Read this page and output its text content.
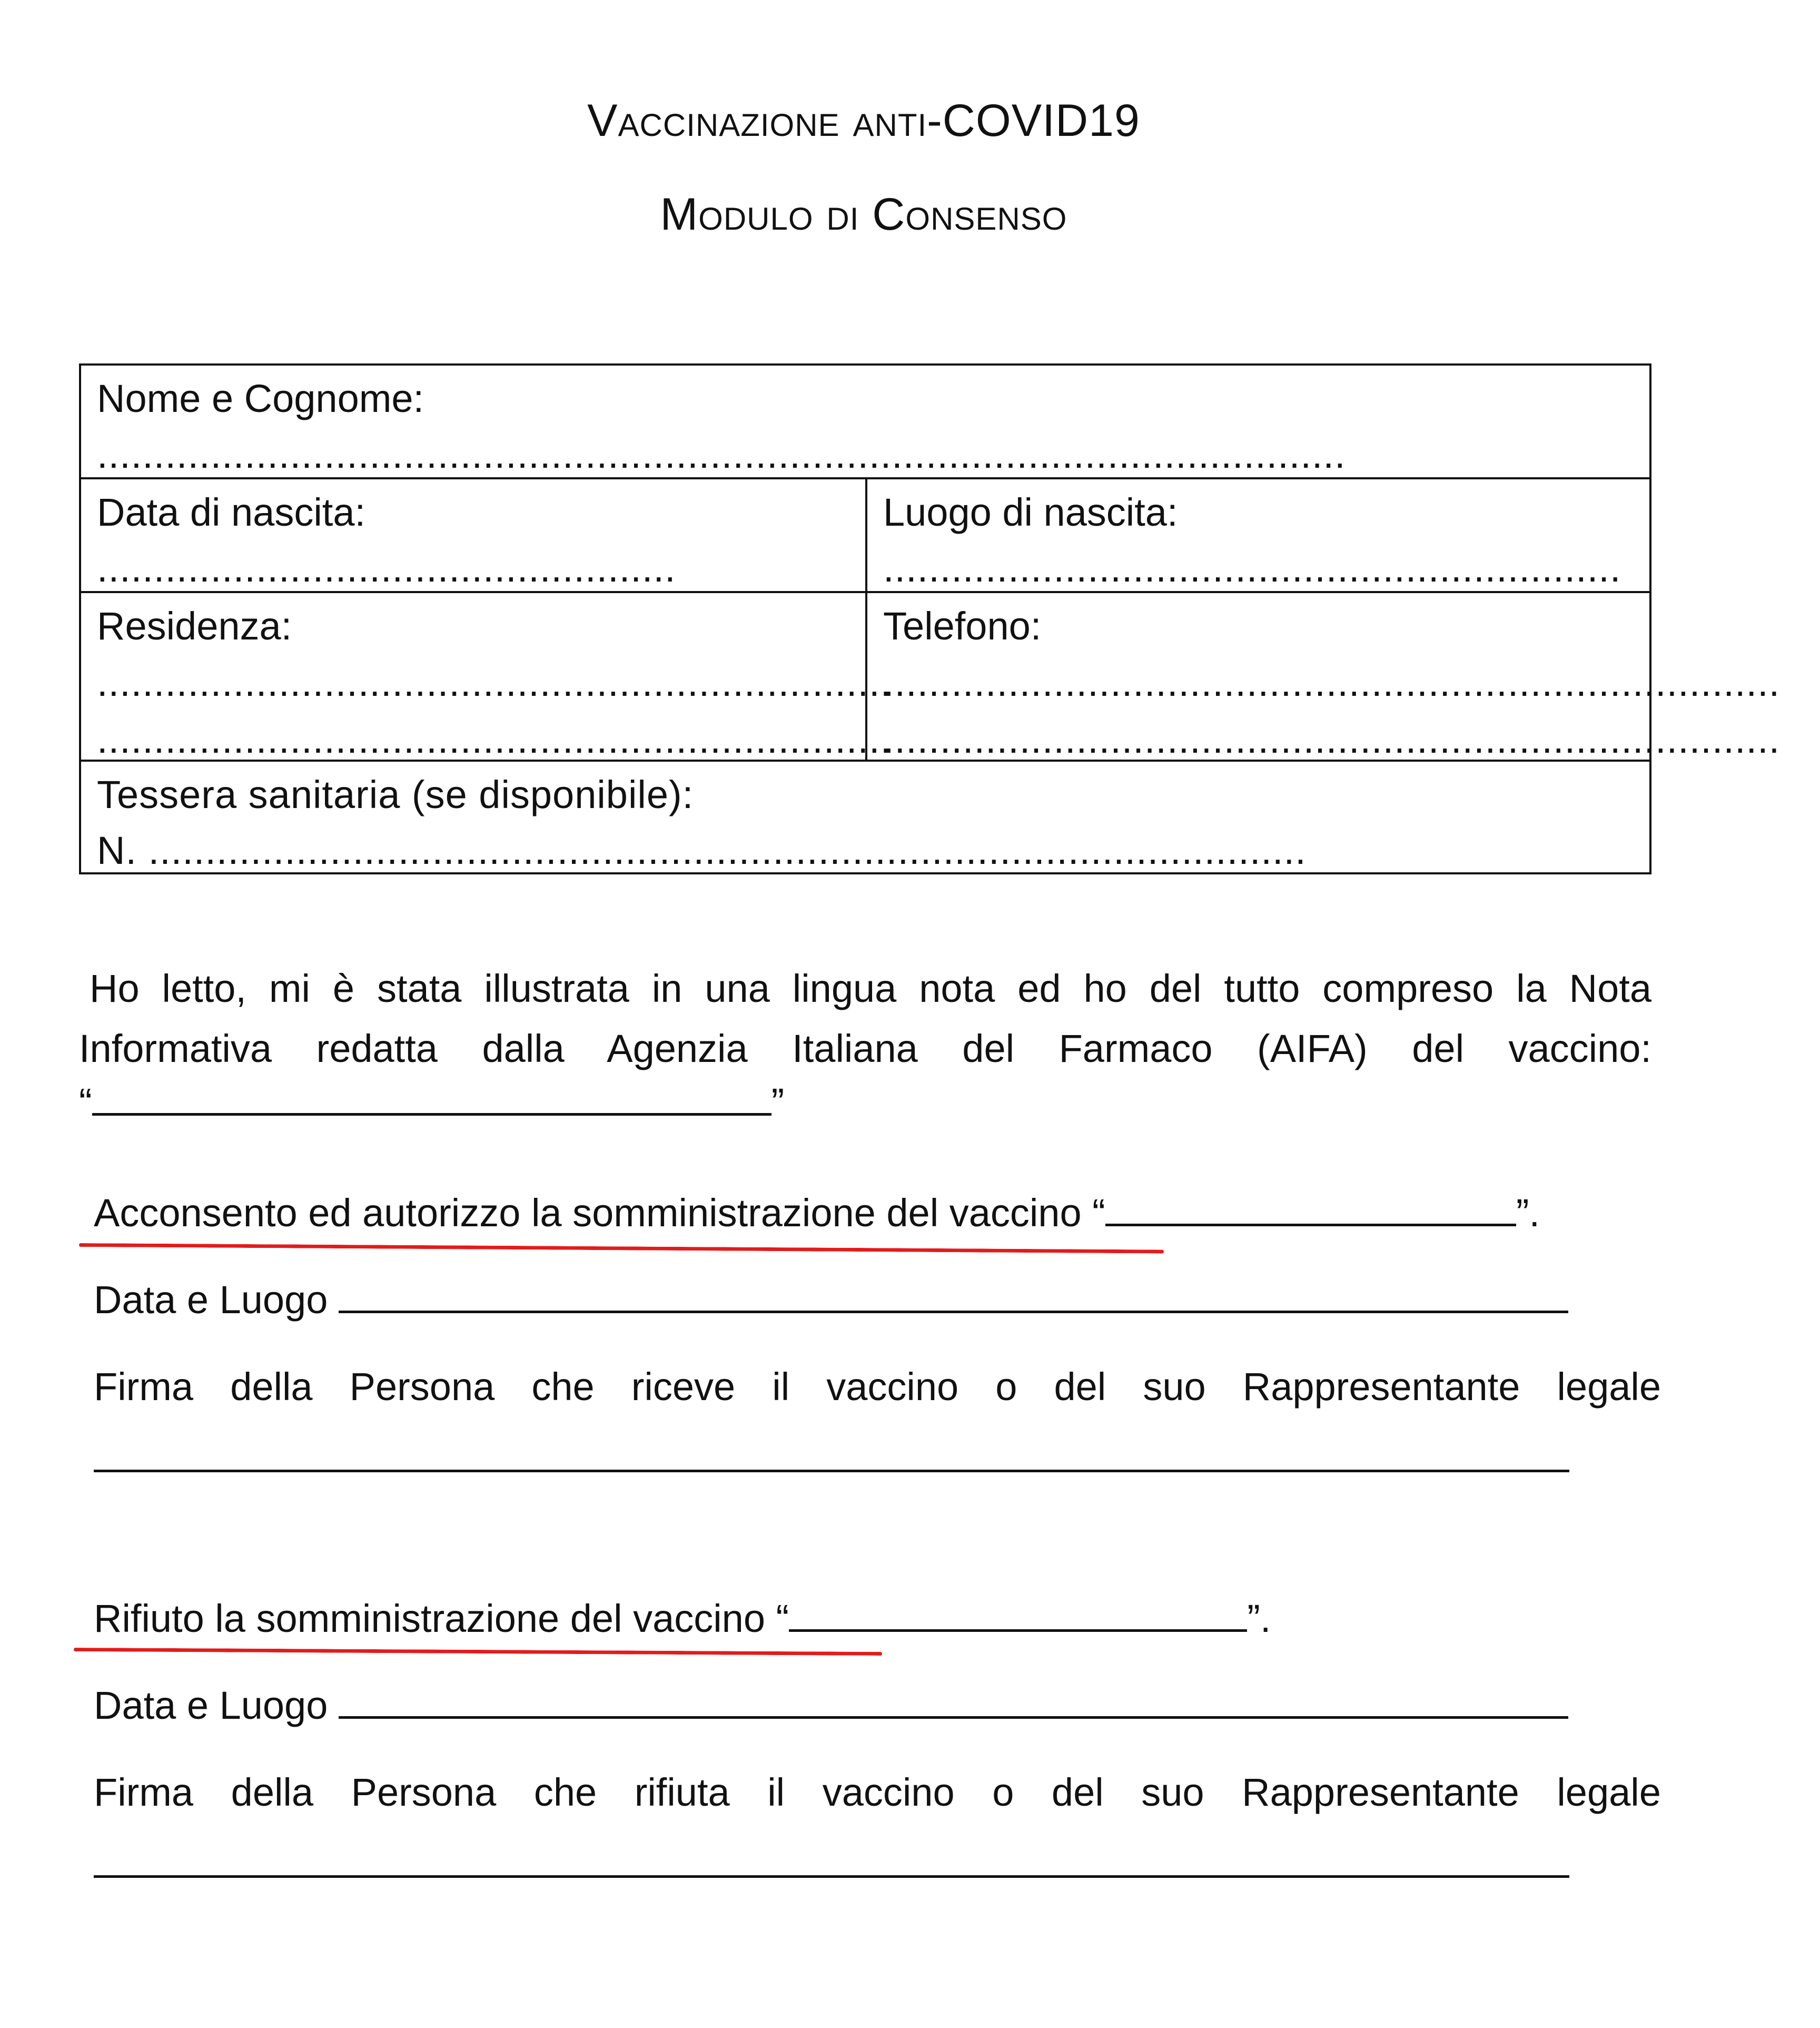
Vaccinazione anti-COVID19
Modulo di Consenso
Nome e Cognome:
..............................................................................................................
Data di nascita:
...................................................
Luogo di nascita:
.................................................................
Residenza:
......................................................................
......................................................................
Telefono:
...............................................................................
...............................................................................
Tessera sanitaria (se disponibile):
N. ......................................................................................................
Ho letto, mi è stata illustrata in una lingua nota ed ho del tutto compreso la Nota
Informativa redatta dalla Agenzia Italiana del Farmaco (AIFA) del vaccino:
“	”
Acconsento ed autorizzo la somministrazione del vaccino “	”.
Data e Luogo
Firma della Persona che riceve il vaccino o del suo Rappresentante legale
Rifiuto la somministrazione del vaccino “	”.
Data e Luogo
Firma della Persona che rifiuta il vaccino o del suo Rappresentante legale
